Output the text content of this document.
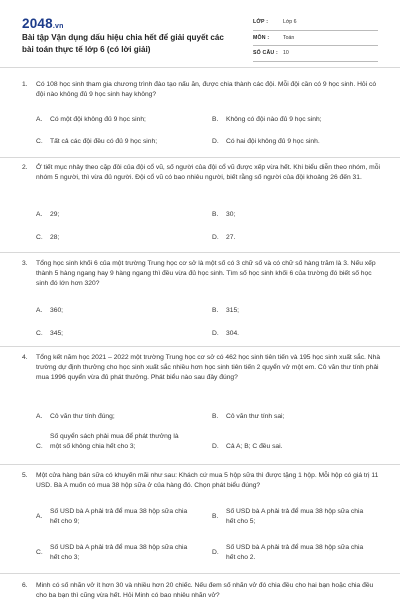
2048.vn
Bài tập Vận dụng dấu hiệu chia hết để giải quyết các bài toán thực tế lớp 6 (có lời giải)
LỚP :	Lớp 6
MÔN :	Toán
SỐ CÂU : 10
1. Có 108 học sinh tham gia chương trình đào tạo nấu ăn, được chia thành các đội. Mỗi đội cần có 9 học sinh. Hỏi có đội nào không đủ 9 học sinh hay không?
A. Có một đội không đủ 9 học sinh;	B. Không có đội nào đủ 9 học sinh;
C. Tất cả các đội đều có đủ 9 học sinh;	D. Có hai đội không đủ 9 học sinh.
2. Ở tiết mục nhảy theo cặp đôi của đội cổ vũ, số người của đội cổ vũ được xếp vừa hết. Khi biểu diễn theo nhóm, mỗi nhóm 5 người, thì vừa đủ người. Đội cổ vũ có bao nhiêu người, biết rằng số người của đội khoảng 26 đến 31.
A. 29;	B. 30;
C. 28;	D. 27.
3. Tổng học sinh khối 6 của một trường Trung học cơ sở là một số có 3 chữ số và có chữ số hàng trăm là 3. Nếu xếp thành 5 hàng ngang hay 9 hàng ngang thì đều vừa đủ học sinh. Tìm số học sinh khối 6 của trường đó biết số học sinh đó lớn hơn 320?
A. 360;	B. 315;
C. 345;	D. 304.
4. Tổng kết năm học 2021 – 2022 một trường Trung học cơ sở có 462 học sinh tiên tiến và 195 học sinh xuất sắc. Nhà trường dự định thưởng cho học sinh xuất sắc nhiều hơn học sinh tiên tiến 2 quyển vở một em. Cô văn thư tính phải mua 1996 quyển vừa đủ phát thưởng. Phát biểu nào sau đây đúng?
A. Cô văn thư tính đúng;	B. Cô văn thư tính sai;
C.
Số quyển sách phải mua để phát thưởng là một số không chia hết cho 3;	D. Cả A; B; C đều sai.
5. Một cửa hàng bán sữa có khuyến mãi như sau: Khách cứ mua 5 hộp sữa thì được tặng 1 hộp. Mỗi hộp có giá trị 11 USD. Bà A muốn có mua 38 hộp sữa ở của hàng đó. Chọn phát biểu đúng?
A.
Số USD bà A phải trả để mua 38 hộp sữa chia hết cho 9;
B.
Số USD bà A phải trả để mua 38 hộp sữa chia hết cho 5;
C.
Số USD bà A phải trả để mua 38 hộp sữa chia hết cho 3;
D.
Số USD bà A phải trả để mua 38 hộp sữa chia hết cho 2.
6. Minh có số nhãn vở ít hơn 30 và nhiều hơn 20 chiếc. Nếu đem số nhãn vở đó chia đều cho hai bạn hoặc chia đều cho ba bạn thì cũng vừa hết. Hỏi Minh có bao nhiêu nhãn vở?
